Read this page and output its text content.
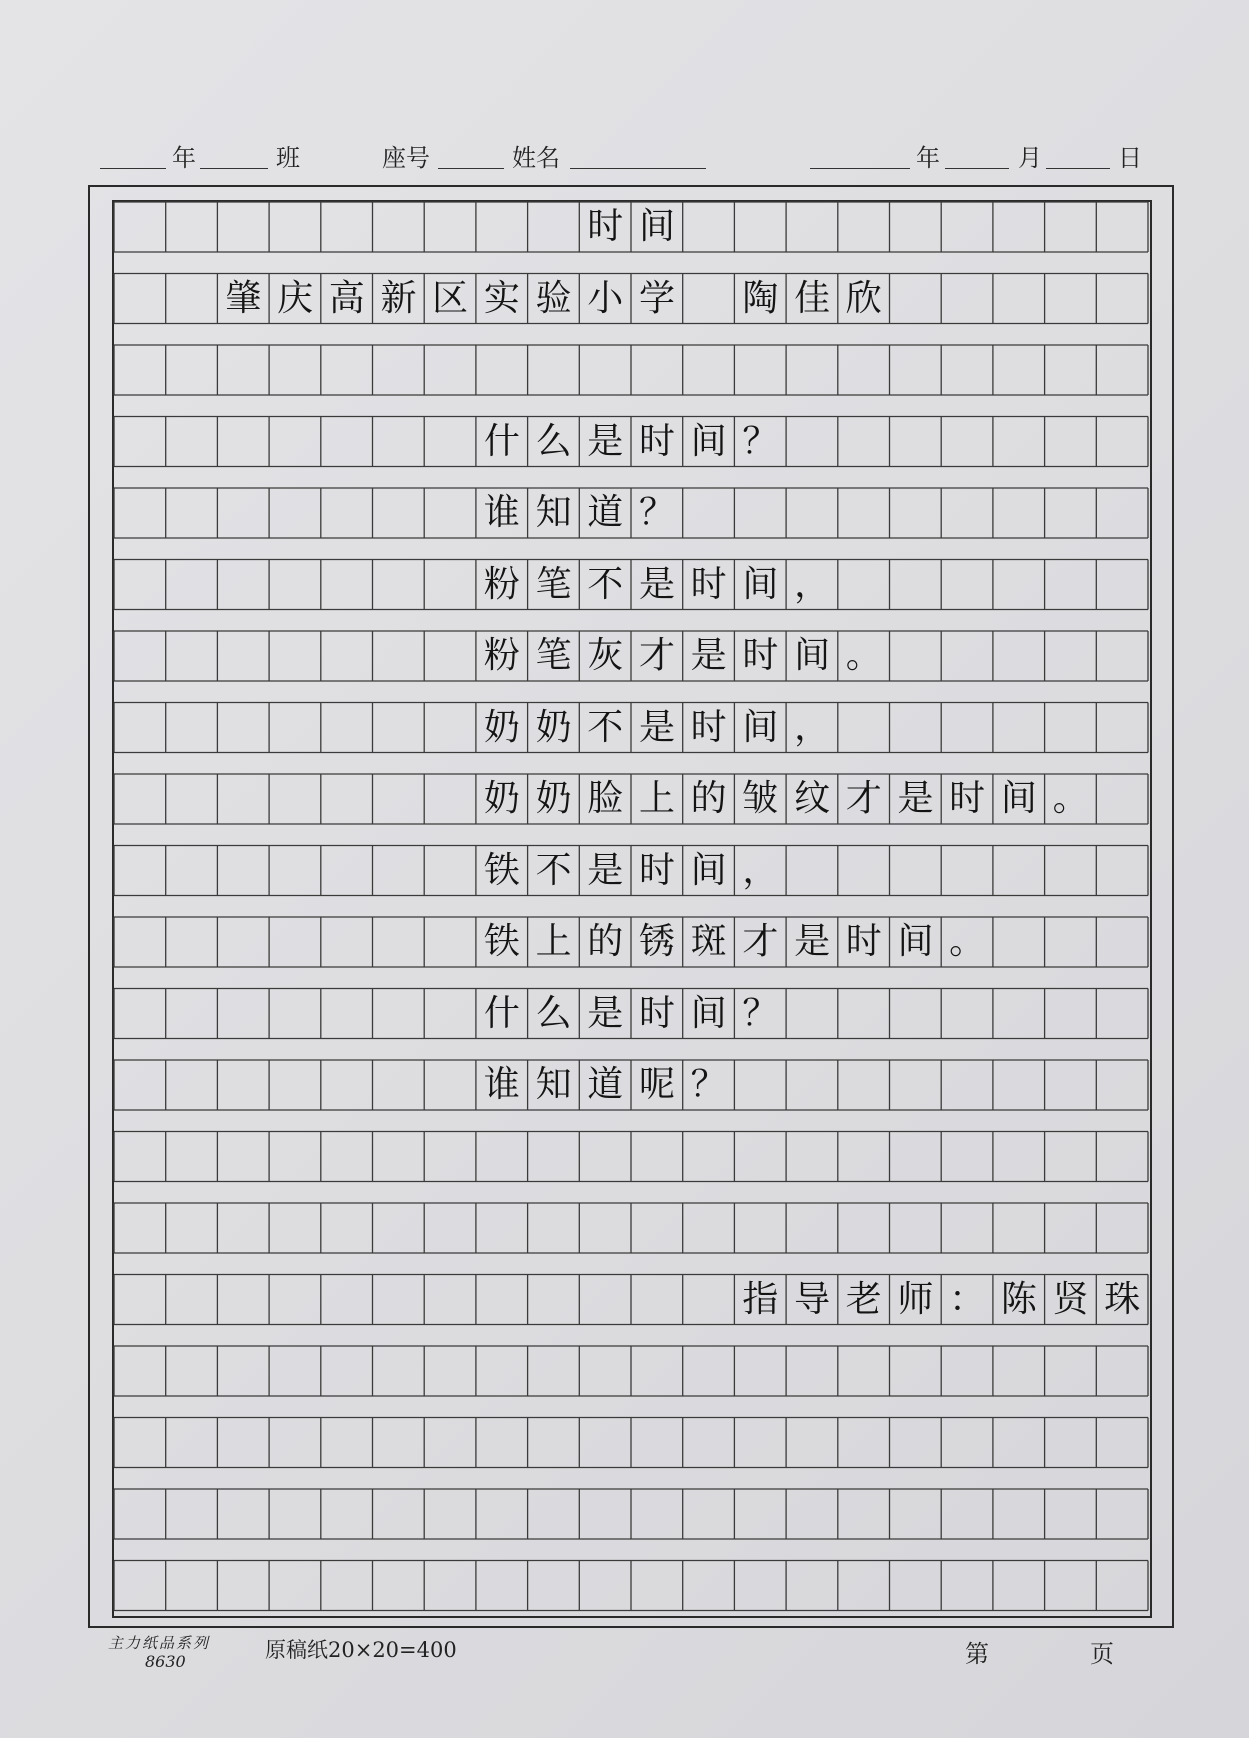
年	班	座号	姓名	年	月	日
时 间
肇 庆 高 新 区 实 验 小 学 陶 佳 欣
什 么 是 时 间 ？
谁 知 道 ？
粉 笔 不 是 时 间 ，
粉 笔 灰 才 是 时 间 。
奶 奶 不 是 时 间 ，
奶 奶 脸 上 的 皱 纹 才 是 时 间 。
铁 不 是 时 间 ，
铁 上 的 锈 斑 才 是 时 间 。
什 么 是 时 间 ？
谁 知 道 呢 ？
指 导 老 师 ： 陈 贤 珠
主力纸品系列
8630	原稿纸20×20=400	第	页
